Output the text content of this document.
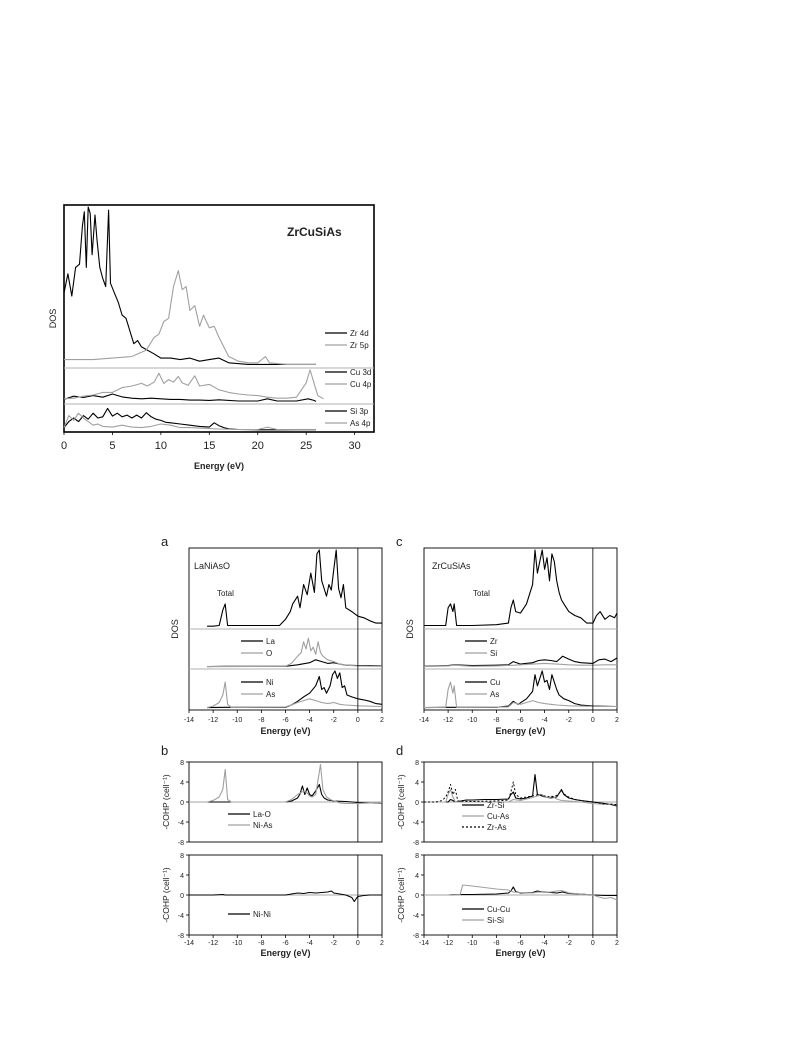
Zr 4d
Zr 5p
Cu 3d
Cu 4p
Si 3p
As 4p
0	5	10	15	20	25	30
Energy (eV)
DOS
ZrCuSiAs
Total
La
O
Ni
As
-14 -12 -10 -8	-6	-4	-2	0	2
Energy (eV)
DOS
LaNiAsO
a
Total
Zr
Si
Cu
As
-14 -12 -10 -8	-6	-4	-2	0	2
Energy (eV)
DOS
ZrCuSiAs
c
-8
-4
0
4
8
La-O
Ni-As
-COHP (cell⁻¹)
-8
-4
0
4
8
Ni-Ni
-COHP (cell⁻¹)
-14 -12 -10 -8	-6	-4	-2	0	2
Energy (eV)
b
-8
-4
0
4
8
Zr-Si
Cu-As
Zr-As
-COHP (cell⁻¹)
-8
-4
0
4
8
Cu-Cu
Si-Si
-COHP (cell⁻¹)
-14 -12 -10 -8	-6	-4	-2	0	2
Energy (eV)
d
